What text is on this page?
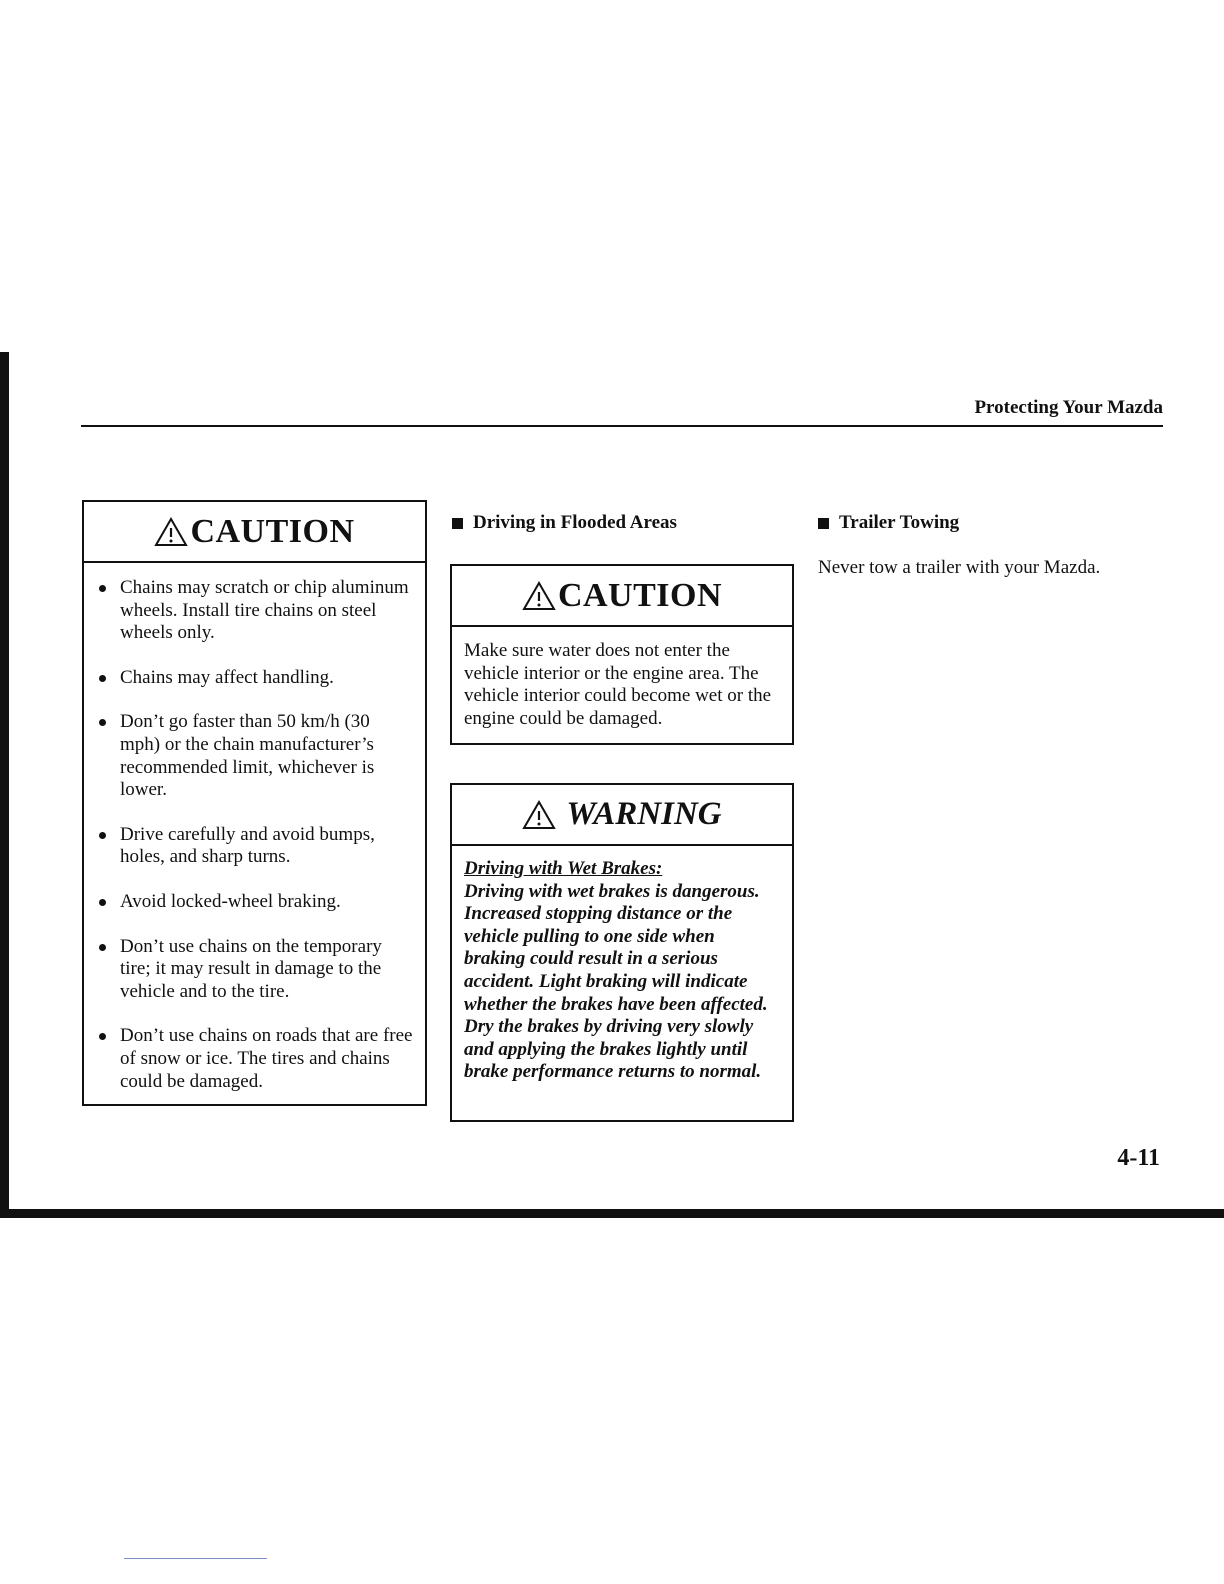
Protecting Your Mazda
CAUTION
Chains may scratch or chip aluminum wheels. Install tire chains on steel wheels only.
Chains may affect handling.
Don’t go faster than 50 km/h (30 mph) or the chain manufacturer’s recommended limit, whichever is lower.
Drive carefully and avoid bumps, holes, and sharp turns.
Avoid locked-wheel braking.
Don’t use chains on the temporary tire; it may result in damage to the vehicle and to the tire.
Don’t use chains on roads that are free of snow or ice. The tires and chains could be damaged.
Driving in Flooded Areas
CAUTION
Make sure water does not enter the vehicle interior or the engine area. The vehicle interior could become wet or the engine could be damaged.
WARNING
Driving with Wet Brakes:
Driving with wet brakes is dangerous. Increased stopping distance or the vehicle pulling to one side when braking could result in a serious accident. Light braking will indicate whether the brakes have been affected. Dry the brakes by driving very slowly and applying the brakes lightly until brake performance returns to normal.
Trailer Towing
Never tow a trailer with your Mazda.
4-11
